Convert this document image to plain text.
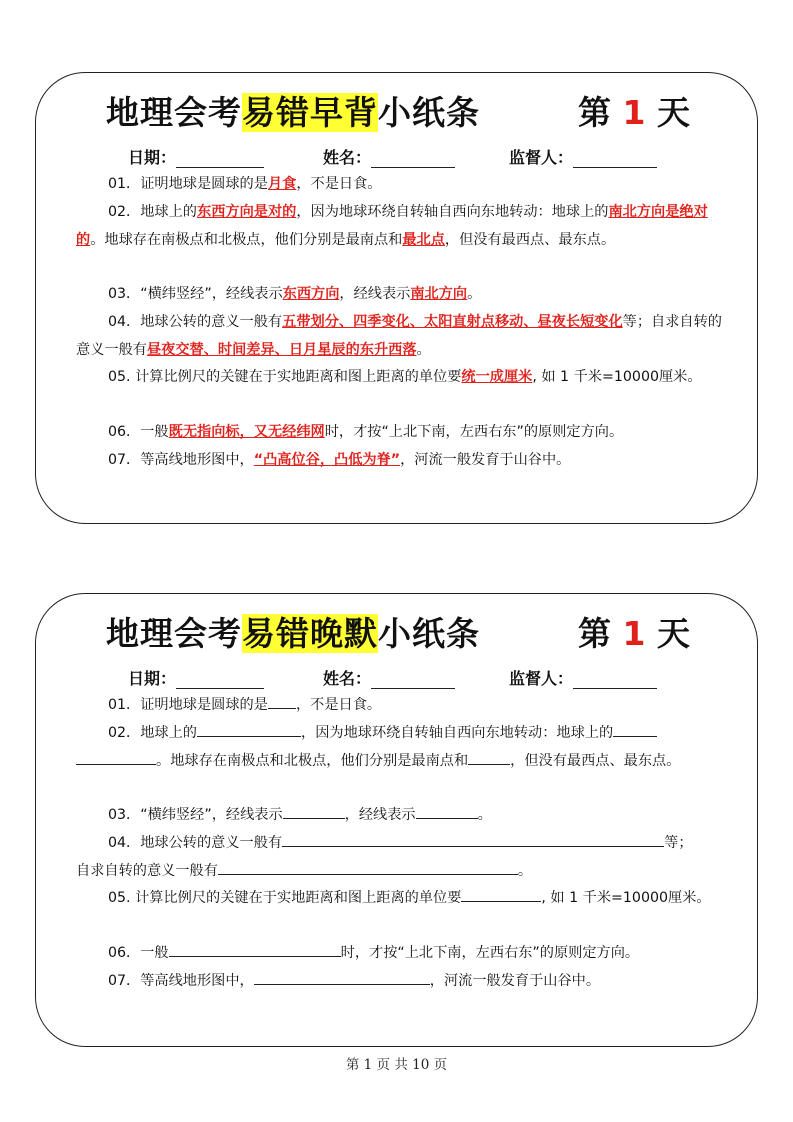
地理会考易错早背小纸条	第 1 天
日期：	姓名：	监督人：
01．证明地球是圆球的是月食，不是日食。
02．地球上的东西方向是对的，因为地球环绕自转轴自西向东地转动：地球上的南北方向是绝对的。地球存在南极点和北极点，他们分别是最南点和最北点，但没有最西点、最东点。
03．“横纬竖经”，经线表示东西方向，经线表示南北方向。
04．地球公转的意义一般有五带划分、四季变化、太阳直射点移动、昼夜长短变化等；自求自转的意义一般有昼夜交替、时间差异、日月星辰的东升西落。
05. 计算比例尺的关键在于实地距离和图上距离的单位要统一成厘米, 如 1 千米=10000厘米。
06．一般既无指向标，又无经纬网时，才按“上北下南，左西右东”的原则定方向。
07．等高线地形图中，“凸高位谷，凸低为脊”，河流一般发育于山谷中。
地理会考易错晚默小纸条	第 1 天
日期：	姓名：	监督人：
01．证明地球是圆球的是 ，不是日食。
02．地球上的	，因为地球环绕自转轴自西向东地转动：地球上的
。地球存在南极点和北极点，他们分别是最南点和	，但没有最西点、最东点。
03．“横纬竖经”，经线表示	，经线表示	。
04．地球公转的意义一般有	等；
自求自转的意义一般有	。
05. 计算比例尺的关键在于实地距离和图上距离的单位要	, 如 1 千米=10000厘米。
06．一般	时，才按“上北下南，左西右东”的原则定方向。
07．等高线地形图中，	，河流一般发育于山谷中。
第 1 页 共 10 页
